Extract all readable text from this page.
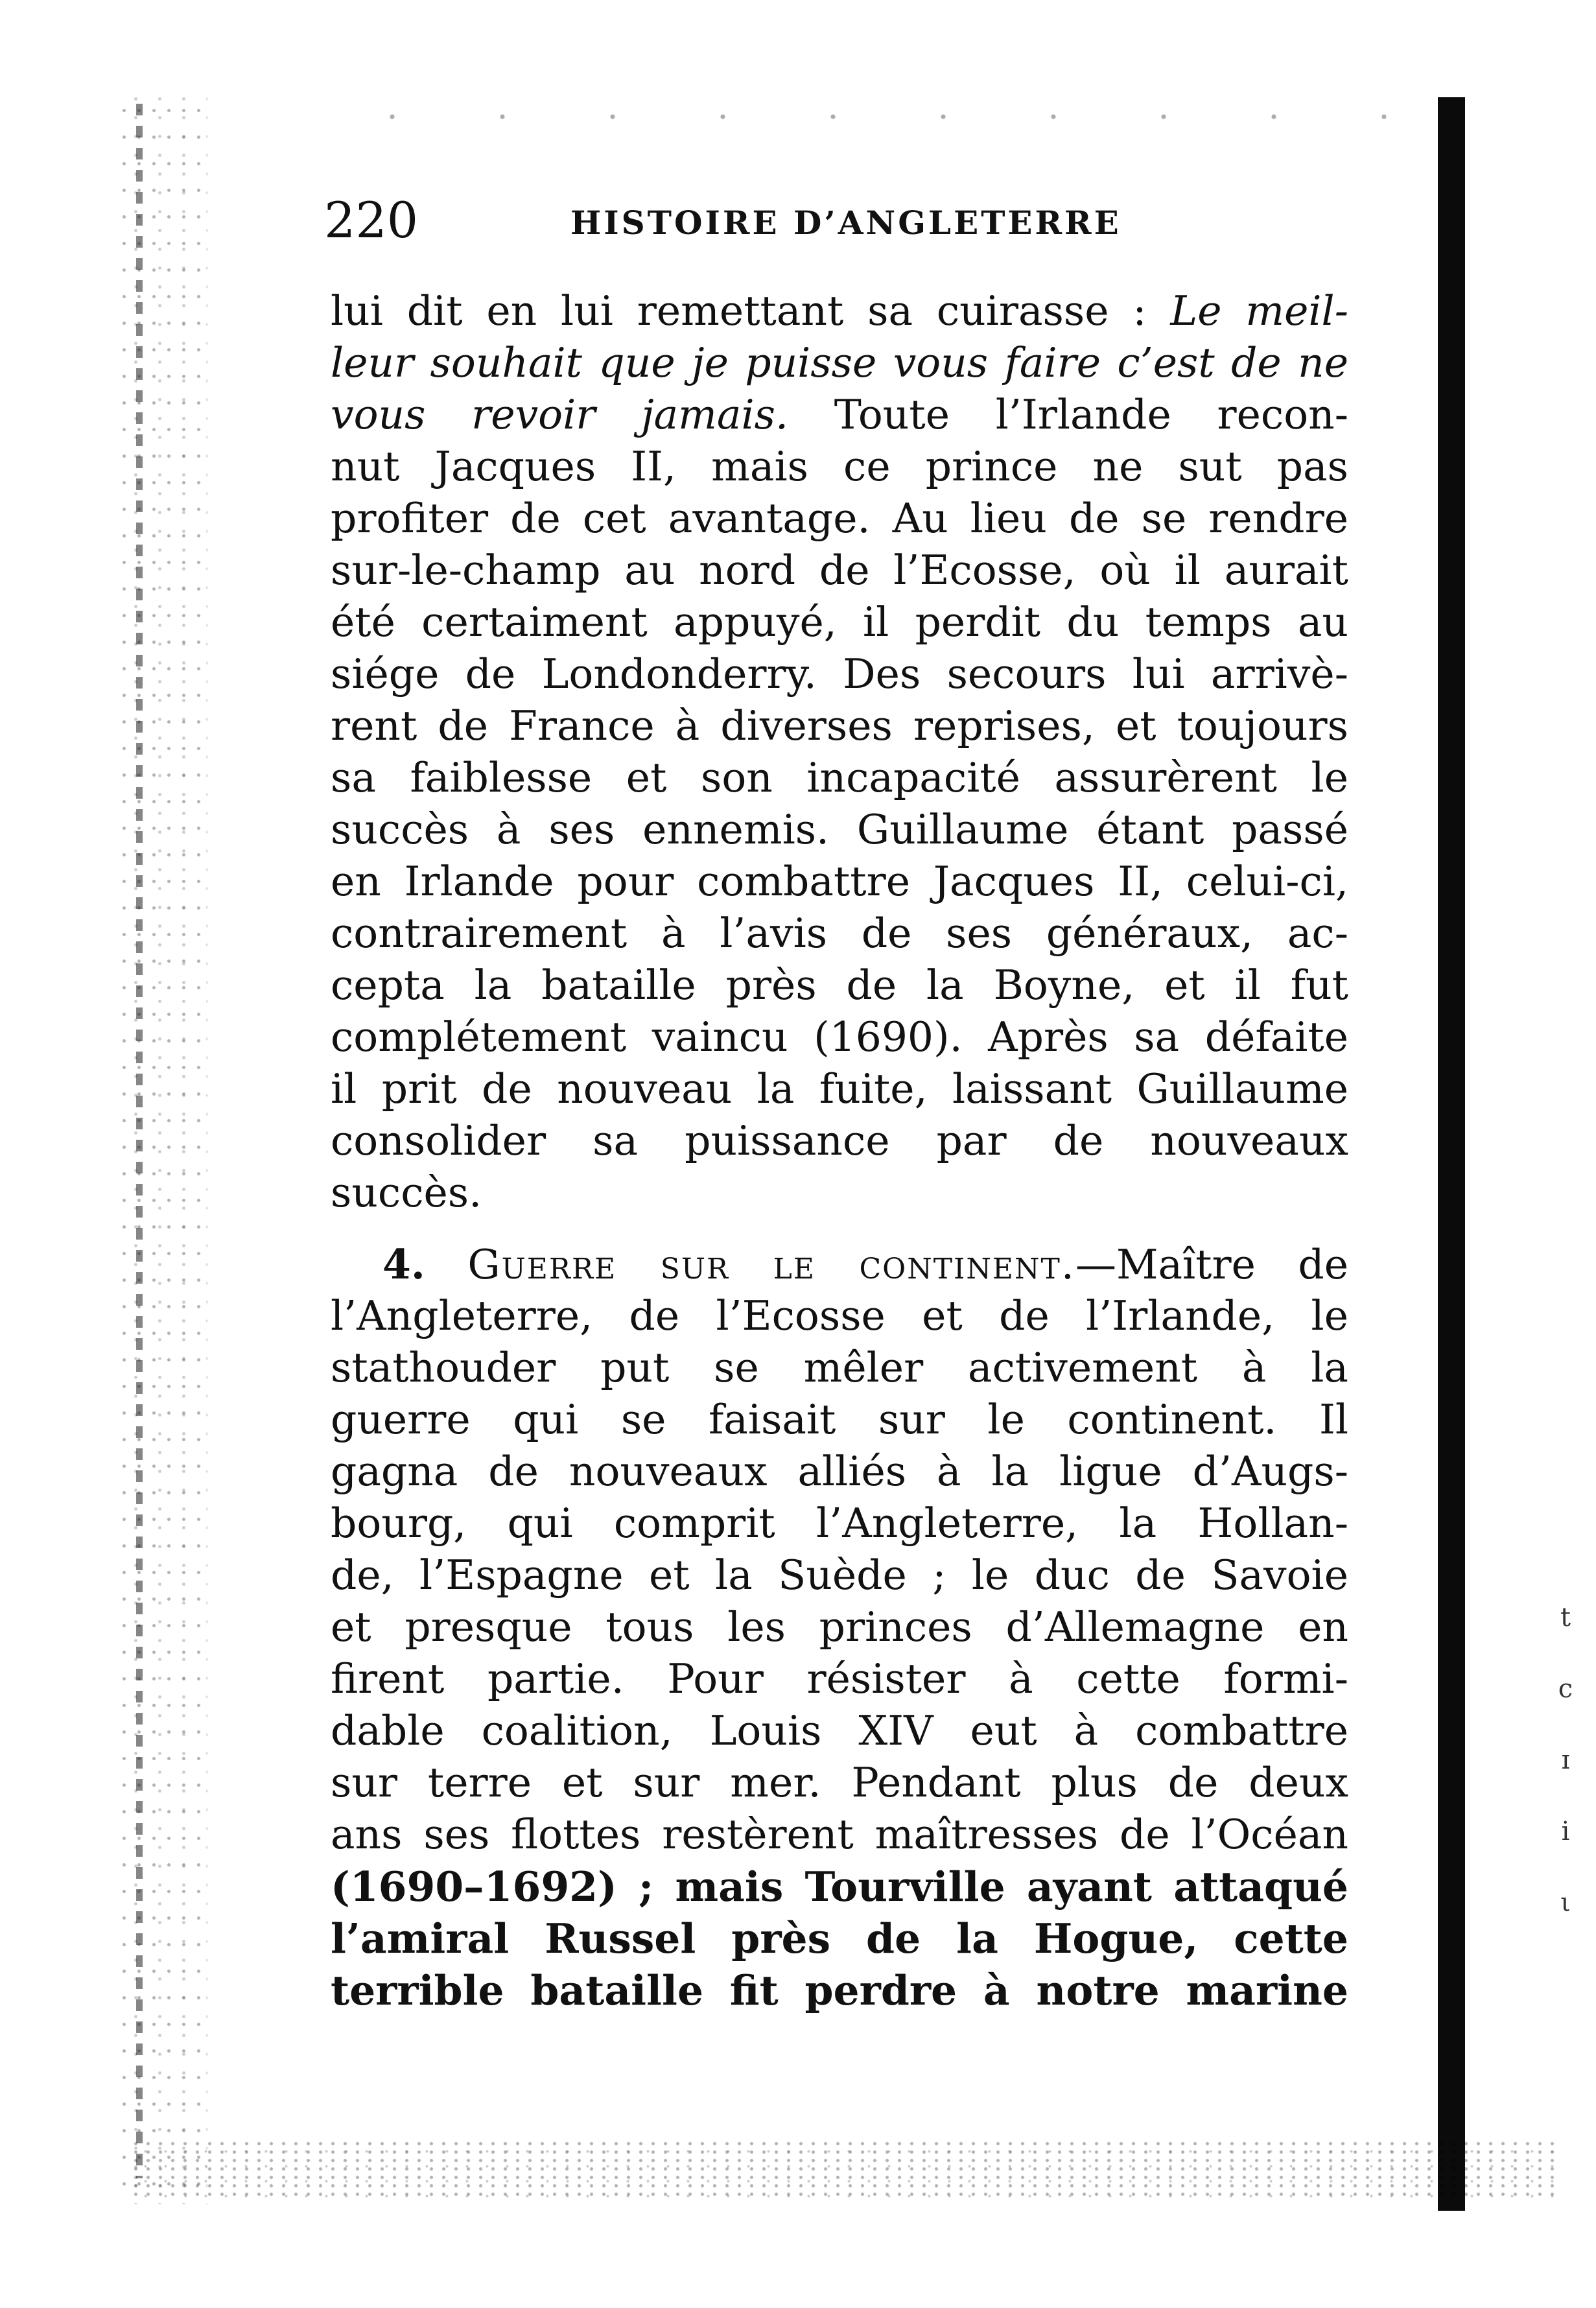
t
c
ɪ
i
ι
220	HISTOIRE D’ANGLETERRE
lui dit en lui remettant sa cuirasse : Le meil-
leur souhait que je puisse vous faire c’est de ne
vous revoir jamais. Toute l’Irlande recon-
nut Jacques II, mais ce prince ne sut pas
profiter de cet avantage. Au lieu de se rendre
sur-le-champ au nord de l’Ecosse, où il aurait
été certaiment appuyé, il perdit du temps au
siége de Londonderry. Des secours lui arrivè-
rent de France à diverses reprises, et toujours
sa faiblesse et son incapacité assurèrent le
succès à ses ennemis. Guillaume étant passé
en Irlande pour combattre Jacques II, celui-ci,
contrairement à l’avis de ses généraux, ac-
cepta la bataille près de la Boyne, et il fut
complétement vaincu (1690). Après sa défaite
il prit de nouveau la fuite, laissant Guillaume
consolider sa puissance par de nouveaux
succès.
4. Guerre sur le continent.—Maître de
l’Angleterre, de l’Ecosse et de l’Irlande, le
stathouder put se mêler activement à la
guerre qui se faisait sur le continent. Il
gagna de nouveaux alliés à la ligue d’Augs-
bourg, qui comprit l’Angleterre, la Hollan-
de, l’Espagne et la Suède ; le duc de Savoie
et presque tous les princes d’Allemagne en
firent partie. Pour résister à cette formi-
dable coalition, Louis XIV eut à combattre
sur terre et sur mer. Pendant plus de deux
ans ses flottes restèrent maîtresses de l’Océan
(1690–1692) ; mais Tourville ayant attaqué
l’amiral Russel près de la Hogue, cette
terrible bataille fit perdre à notre marine
